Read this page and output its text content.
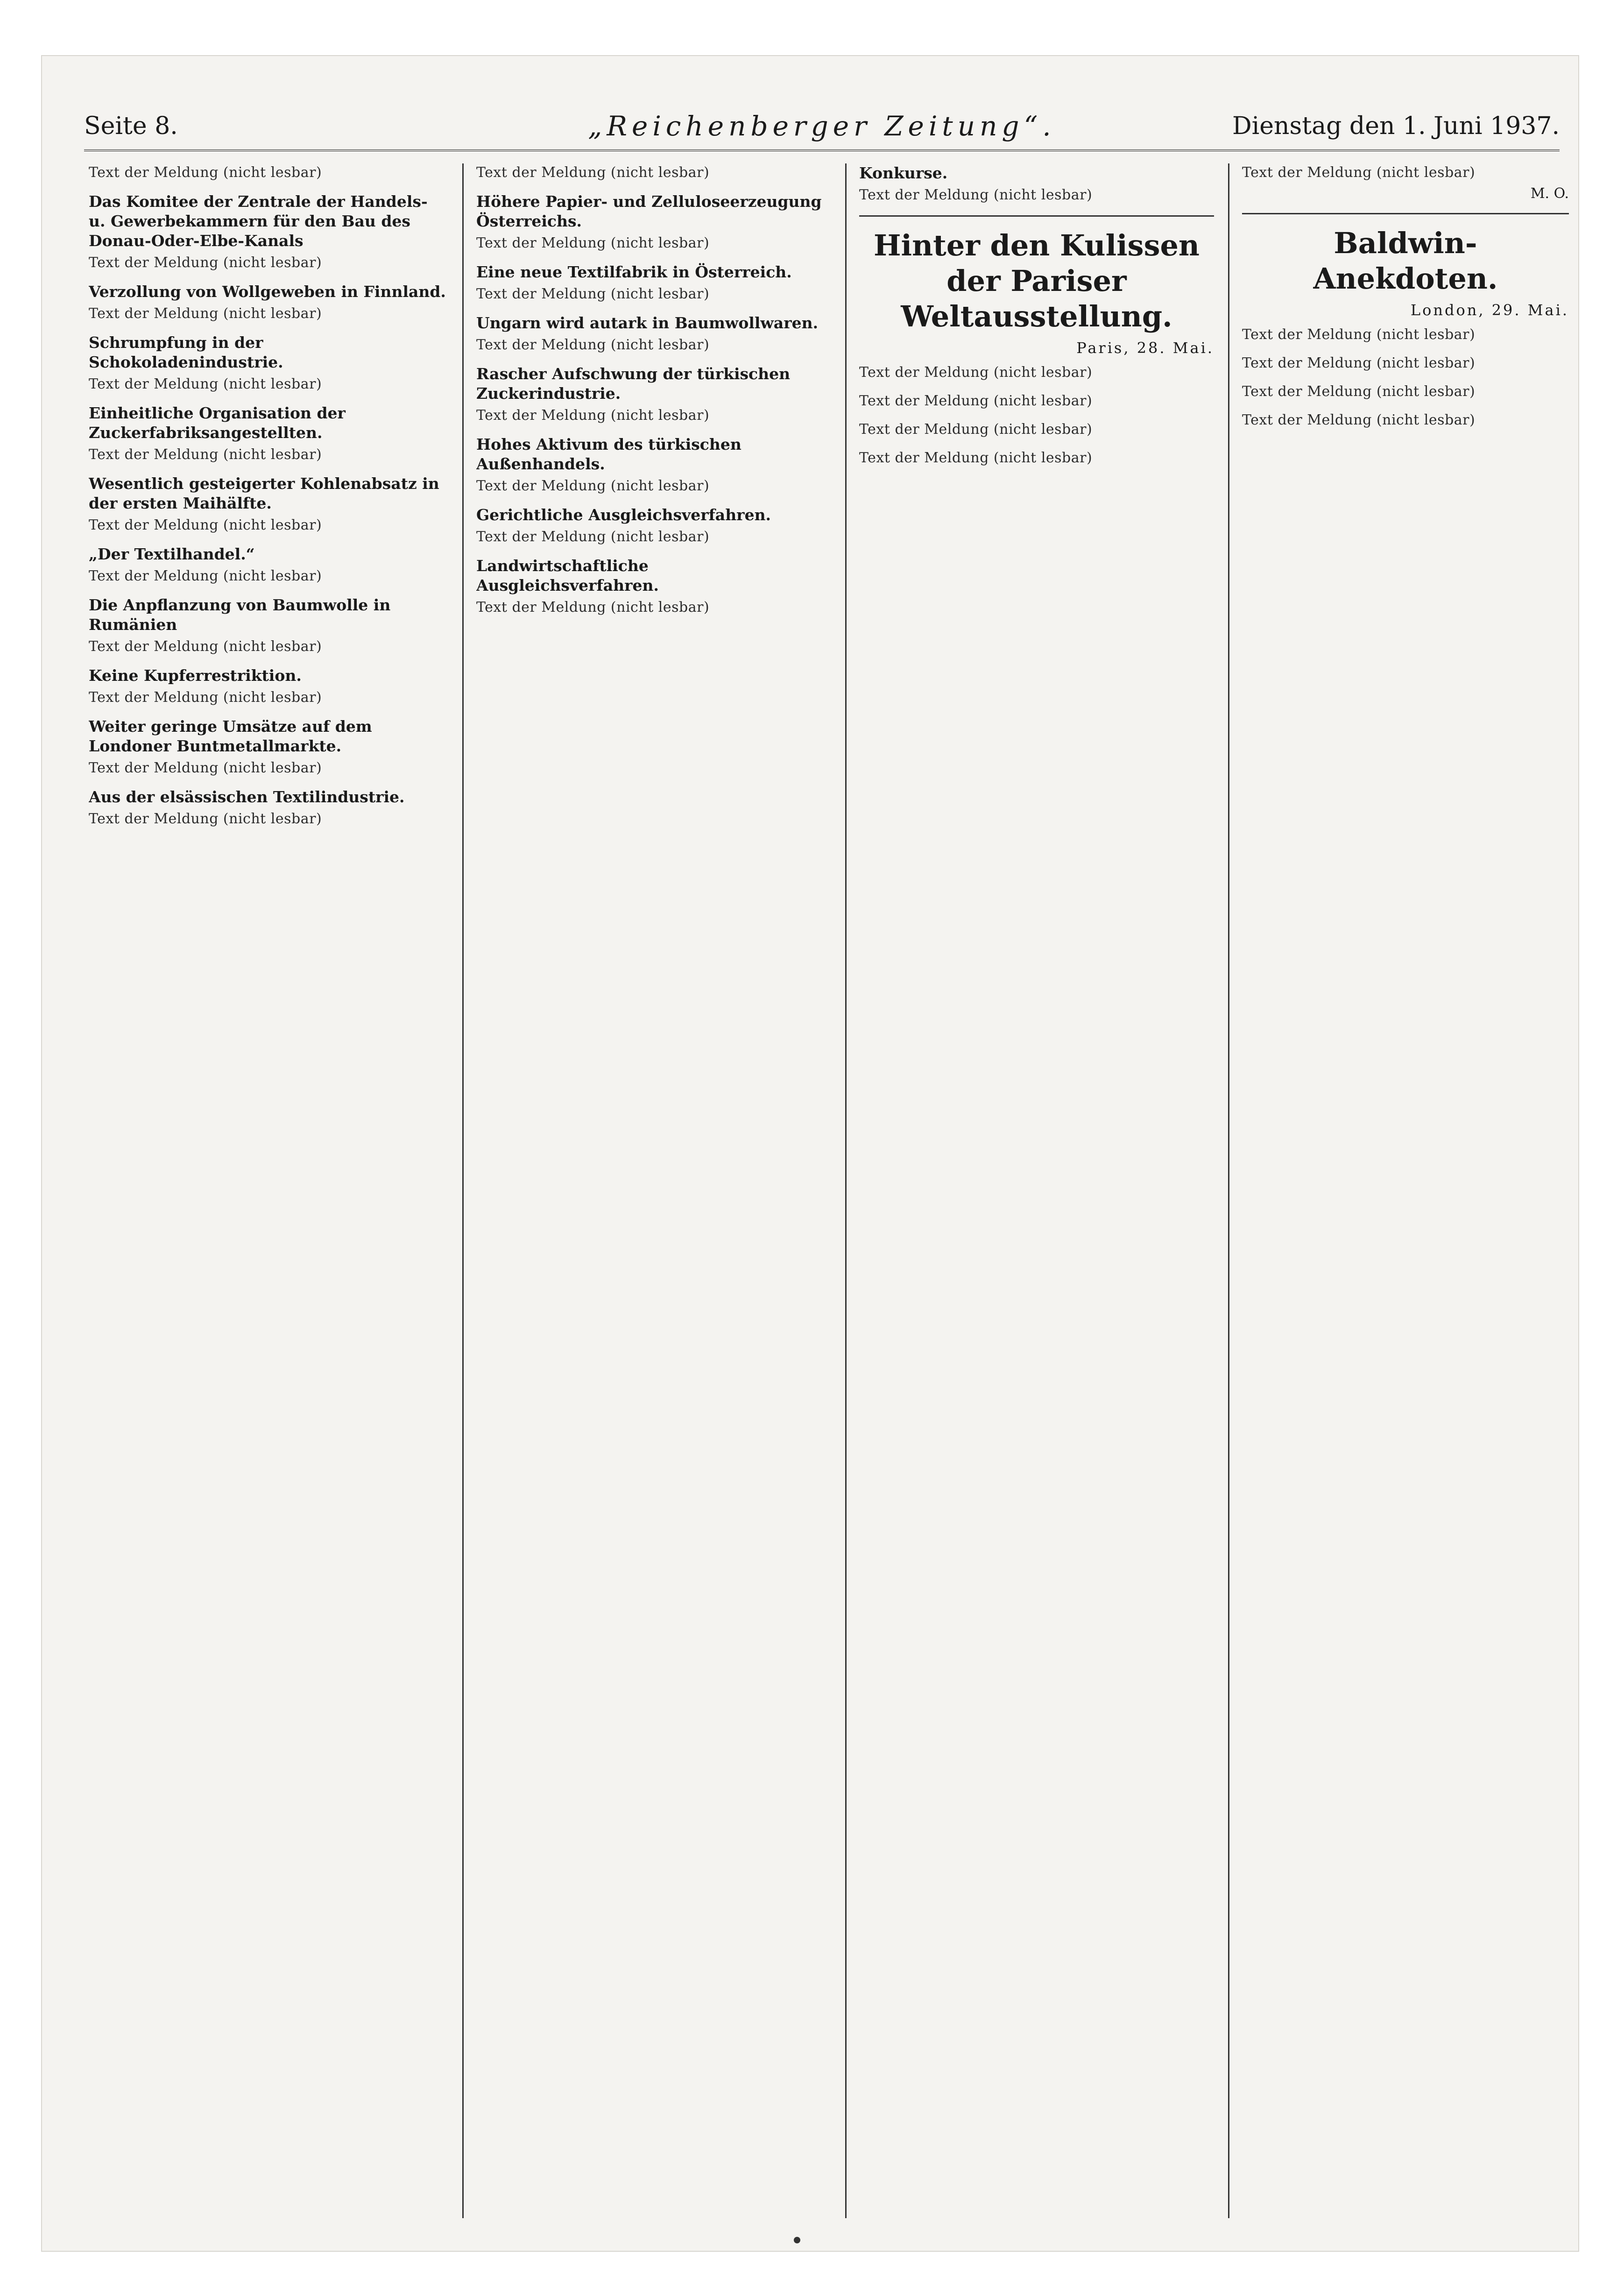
Seite 8.	„Reichenberger Zeitung“.	Dienstag den 1. Juni 1937.
Text der Meldung (nicht lesbar)
Das Komitee der Zentrale der Handels- u. Gewerbekammern für den Bau des Donau-Oder-Elbe-Kanals
Text der Meldung (nicht lesbar)
Verzollung von Wollgeweben in Finnland.
Text der Meldung (nicht lesbar)
Schrumpfung in der Schokoladenindustrie.
Text der Meldung (nicht lesbar)
Einheitliche Organisation der Zuckerfabriksangestellten.
Text der Meldung (nicht lesbar)
Wesentlich gesteigerter Kohlenabsatz in der ersten Maihälfte.
Text der Meldung (nicht lesbar)
„Der Textilhandel.“
Text der Meldung (nicht lesbar)
Die Anpflanzung von Baumwolle in Rumänien
Text der Meldung (nicht lesbar)
Keine Kupferrestriktion.
Text der Meldung (nicht lesbar)
Weiter geringe Umsätze auf dem Londoner Buntmetallmarkte.
Text der Meldung (nicht lesbar)
Aus der elsässischen Textilindustrie.
Text der Meldung (nicht lesbar)
Text der Meldung (nicht lesbar)
Höhere Papier- und Zelluloseerzeugung Österreichs.
Text der Meldung (nicht lesbar)
Eine neue Textilfabrik in Österreich.
Text der Meldung (nicht lesbar)
Ungarn wird autark in Baumwollwaren.
Text der Meldung (nicht lesbar)
Rascher Aufschwung der türkischen Zuckerindustrie.
Text der Meldung (nicht lesbar)
Hohes Aktivum des türkischen Außenhandels.
Text der Meldung (nicht lesbar)
Gerichtliche Ausgleichsverfahren.
Text der Meldung (nicht lesbar)
Landwirtschaftliche Ausgleichsverfahren.
Text der Meldung (nicht lesbar)
Konkurse.
Text der Meldung (nicht lesbar)
Hinter den Kulissen der Pariser Weltausstellung.
Paris, 28. Mai.
Text der Meldung (nicht lesbar)
Text der Meldung (nicht lesbar)
Text der Meldung (nicht lesbar)
Text der Meldung (nicht lesbar)
Text der Meldung (nicht lesbar)
M. O.
Baldwin-Anekdoten.
London, 29. Mai.
Text der Meldung (nicht lesbar)
Text der Meldung (nicht lesbar)
Text der Meldung (nicht lesbar)
Text der Meldung (nicht lesbar)
